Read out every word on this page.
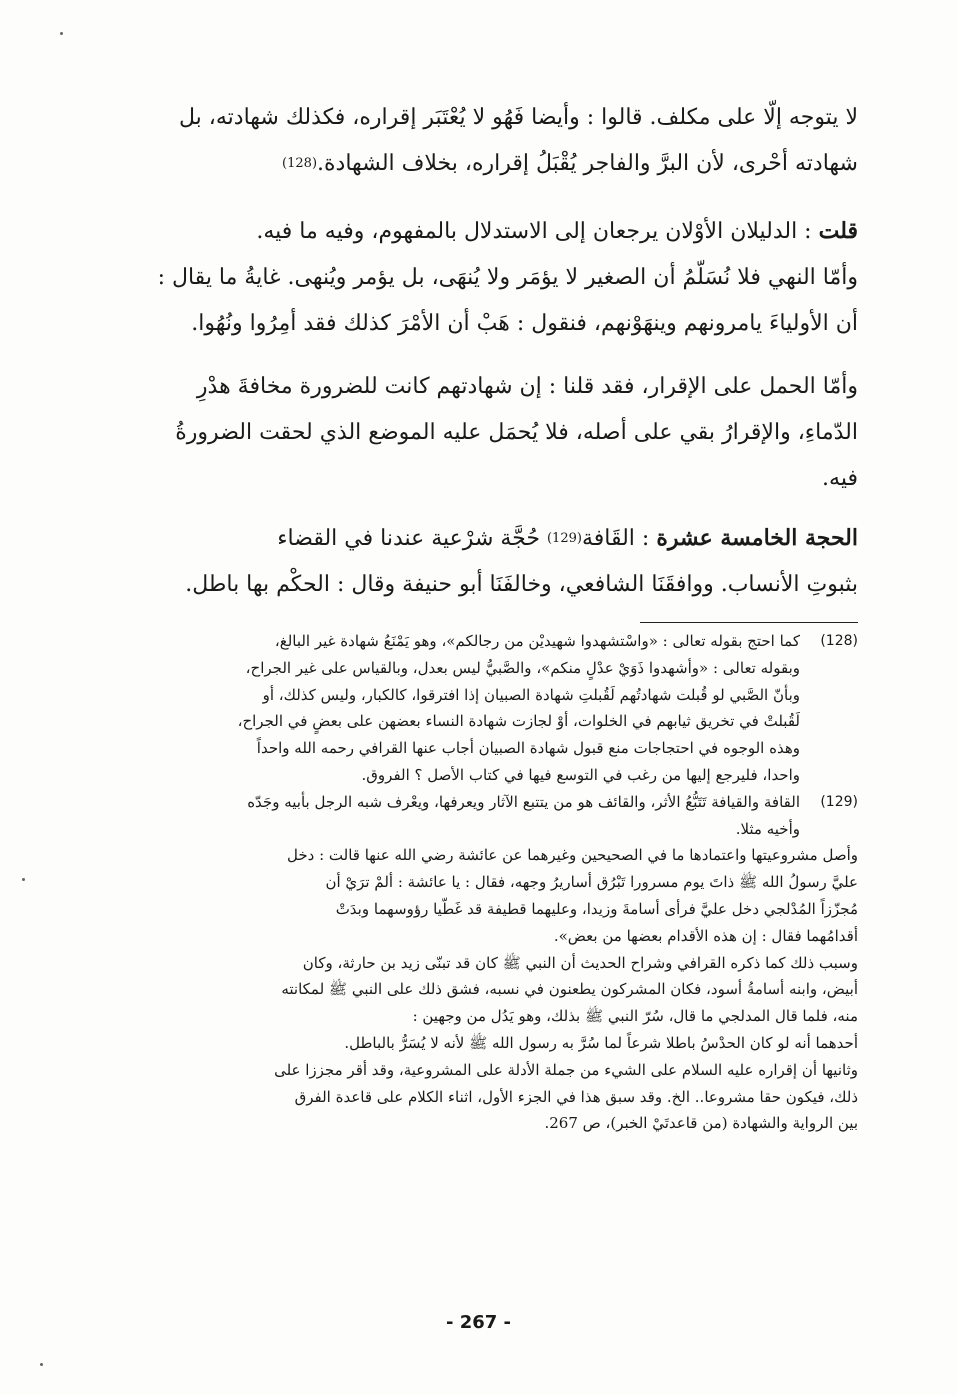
لا يتوجه إلّا على مكلف. قالوا : وأيضا فَهُو لا يُعْتَبَر إقراره، فكذلك شهادته، بل

شهادته أحْرى، لأن البرَّ والفاجر يُقْبَلُ إقراره، بخلاف الشهادة.(128)

قلت : الدليلان الأوْلان يرجعان إلى الاستدلال بالمفهوم، وفيه ما فيه.

وأمّا النهي فلا نُسَلّمُ أن الصغير لا يؤمَر ولا يُنهَى، بل يؤمر ويُنهى. غايةُ ما يقال :

أن الأولياءَ يامرونهم وينهَوْنهم، فنقول : هَبْ أن الأمْرَ كذلك فقد أمِرُوا ونُهُوا.

وأمّا الحمل على الإقرار، فقد قلنا : إن شهادتهم كانت للضرورة مخافةَ هدْرِ

الدّماءِ، والإقرارُ بقي على أصله، فلا يُحمَل عليه الموضع الذي لحقت الضرورةُ

فيه.

الحجة الخامسة عشرة : القَافة(129) حُجَّة شرْعية عندنا في القضاء

بثبوتِ الأنساب. ووافقَنَا الشافعي، وخالفَنَا أبو حنيفة وقال : الحكْم بها باطل.

(128)

كما احتج بقوله تعالى : «واسْتشهدوا شهيديْن من رجالكم»، وهو يَمْنَعُ شهادة غير البالغ،

وبقوله تعالى : «وأشهدوا ذَوَيْ عدْلٍ منكم»، والصَّبيُّ ليس بعدل، وبالقياس على غير الجراح،

وبأنّ الصَّبي لو قُبلت شهادتُهم لَقُبلتِ شهادة الصبيان إذا افترقوا، كالكبار، وليس كذلك، أو

لَقُبلتْ في تخريق ثيابهم في الخلوات، أوْ لجازت شهادة النساء بعضهن على بعضٍ في الجراح،

وهذه الوجوه في احتجاجات منع قبول شهادة الصبيان أجاب عنها القرافي رحمه الله واحداً

واحدا، فليرجع إليها من رغب في التوسع فيها في كتاب الأصل ؟ الفروق.

(129)

القافة والقيافة تَتَبُّعُ الأثر، والقائف هو من يتتبع الآثار ويعرفها، ويعْرف شبه الرجل بأبيه وجَدّه

وأخيه مثلا.

وأصل مشروعيتها واعتمادها ما في الصحيحين وغيرهما عن عائشة رضي الله عنها قالت : دخل

عليَّ رسولُ الله ﷺ ذاتَ يوم مسرورا تَبْرُق أساريرُ وجهه، فقال : يا عائشة : ألمْ ترَيْ أن

مُجزّزاً المُدْلجي دخل عليَّ فرأى أسامةَ وزيدا، وعليهما قطيفة قد غَطّيا رؤوسهما وبدَتْ

أقدامُهما فقال : إن هذه الأقدام بعضها من بعض».

وسبب ذلك كما ذكره القرافي وشراح الحديث أن النبي ﷺ كان قد تبنّى زيد بن حارثة، وكان

أبيض، وابنه أسامةُ أسود، فكان المشركون يطعنون في نسبه، فشق ذلك على النبي ﷺ لمكانته

منه، فلما قال المدلجي ما قال، سُرّ النبي ﷺ بذلك، وهو يَدُل من وجهين :

أحدهما أنه لو كان الحدْسُ باطلا شرعاً لما سُرَّ به رسول الله ﷺ لأنه لا يُسَرُّ بالباطل.

وثانيها أن إقراره عليه السلام على الشيء من جملة الأدلة على المشروعية، وقد أقر مجززا على

ذلك، فيكون حقا مشروعا.. الخ. وقد سبق هذا في الجزء الأول، اثناء الكلام على قاعدة الفرق

بين الرواية والشهادة (من قاعدتَيْ الخبر)، ص 267.

- 267 -
